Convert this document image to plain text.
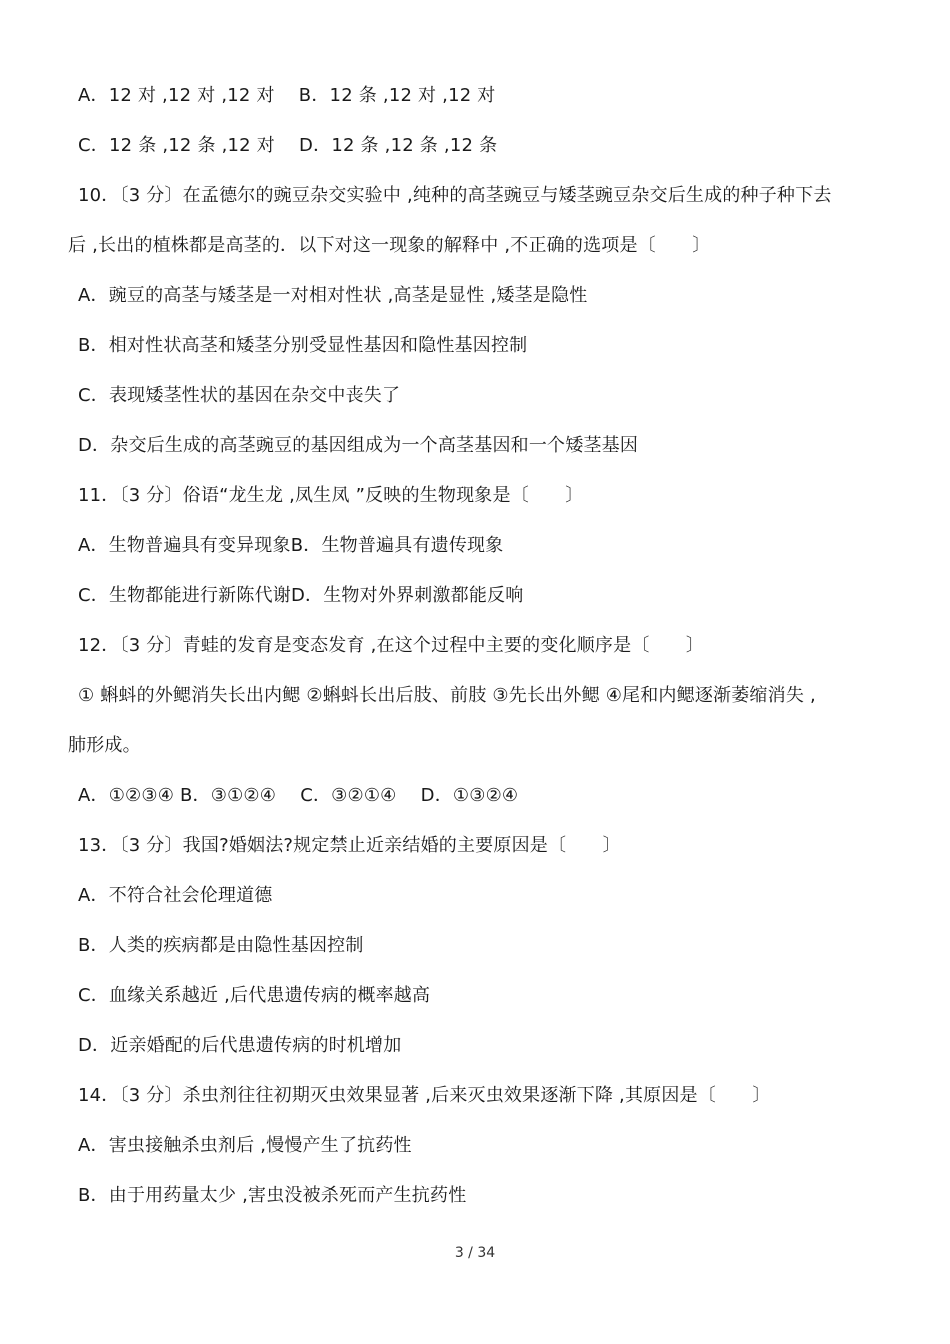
A．12 对 ,12 对 ,12 对　 B．12 条 ,12 对 ,12 对
C．12 条 ,12 条 ,12 对　 D．12 条 ,12 条 ,12 条
10．〔3 分〕在孟德尔的豌豆杂交实验中 ,纯种的高茎豌豆与矮茎豌豆杂交后生成的种子种下去
后 ,长出的植株都是高茎的．以下对这一现象的解释中 ,不正确的选项是〔　　〕
A．豌豆的高茎与矮茎是一对相对性状 ,高茎是显性 ,矮茎是隐性
B．相对性状高茎和矮茎分别受显性基因和隐性基因控制
C．表现矮茎性状的基因在杂交中丧失了
D．杂交后生成的高茎豌豆的基因组成为一个高茎基因和一个矮茎基因
11．〔3 分〕俗语“龙生龙 ,凤生凤 ”反映的生物现象是〔　　〕
A．生物普遍具有变异现象B．生物普遍具有遗传现象
C．生物都能进行新陈代谢D．生物对外界刺激都能反响
12．〔3 分〕青蛙的发育是变态发育 ,在这个过程中主要的变化顺序是〔　　〕
① 蝌蚪的外鳃消失长出内鳃 ②蝌蚪长出后肢、前肢 ③先长出外鳃 ④尾和内鳃逐渐萎缩消失 ,
肺形成。
A．①②③④ B．③①②④　 C．③②①④　 D．①③②④
13．〔3 分〕我国?婚姻法?规定禁止近亲结婚的主要原因是〔　　〕
A．不符合社会伦理道德
B．人类的疾病都是由隐性基因控制
C．血缘关系越近 ,后代患遗传病的概率越高
D．近亲婚配的后代患遗传病的时机增加
14．〔3 分〕杀虫剂往往初期灭虫效果显著 ,后来灭虫效果逐渐下降 ,其原因是〔　　〕
A．害虫接触杀虫剂后 ,慢慢产生了抗药性
B．由于用药量太少 ,害虫没被杀死而产生抗药性
3 / 34
